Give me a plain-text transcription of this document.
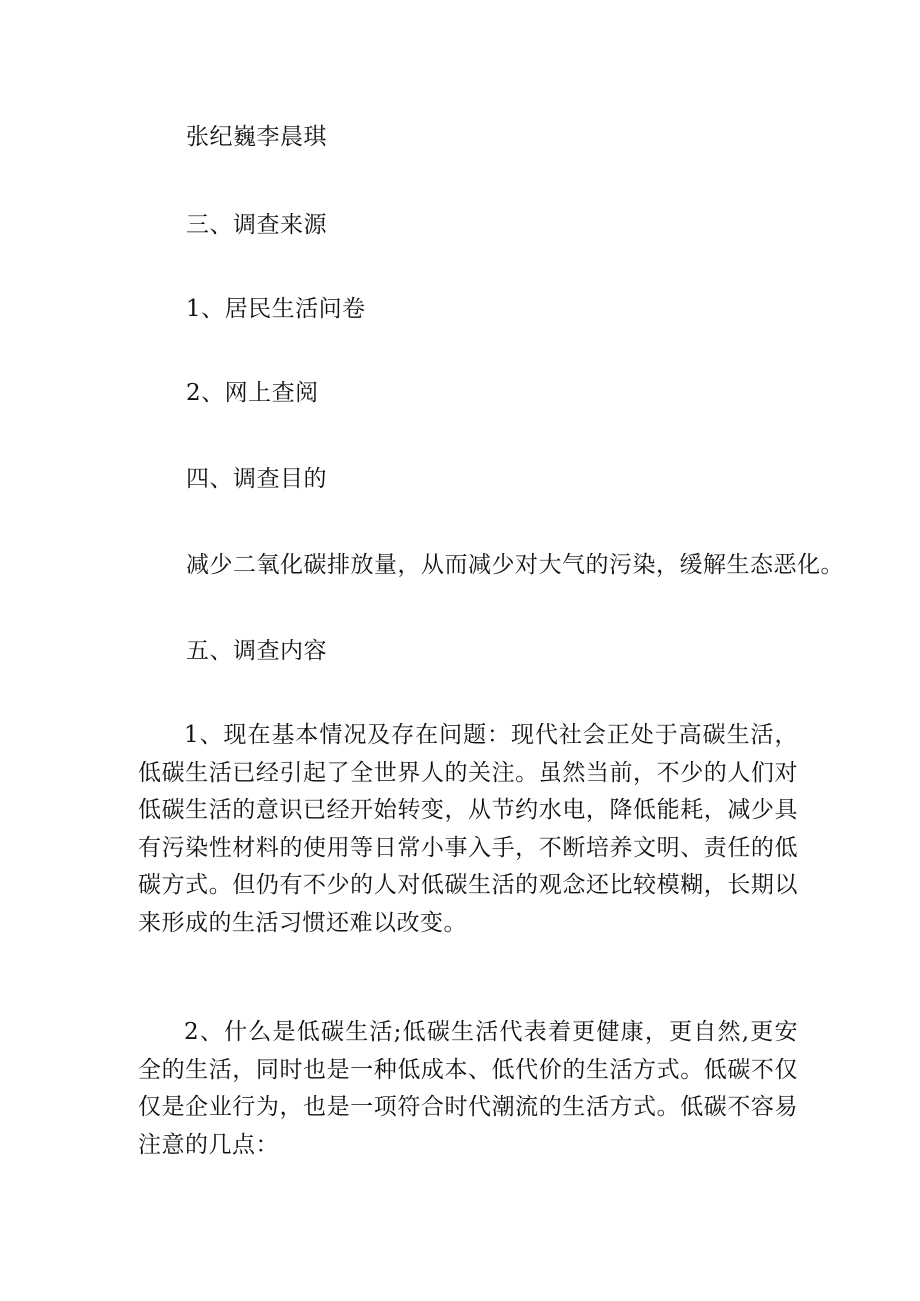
张纪巍李晨琪
三、调查来源
1、居民生活问卷
2、网上查阅
四、调查目的
减少二氧化碳排放量，从而减少对大气的污染，缓解生态恶化。
五、调查内容
1、现在基本情况及存在问题：现代社会正处于高碳生活，低碳生活已经引起了全世界人的关注。虽然当前，不少的人们对低碳生活的意识已经开始转变，从节约水电，降低能耗，减少具有污染性材料的使用等日常小事入手，不断培养文明、责任的低碳方式。但仍有不少的人对低碳生活的观念还比较模糊，长期以来形成的生活习惯还难以改变。
2、什么是低碳生活;低碳生活代表着更健康，更自然,更安全的生活，同时也是一种低成本、低代价的生活方式。低碳不仅仅是企业行为，也是一项符合时代潮流的生活方式。低碳不容易注意的几点：
